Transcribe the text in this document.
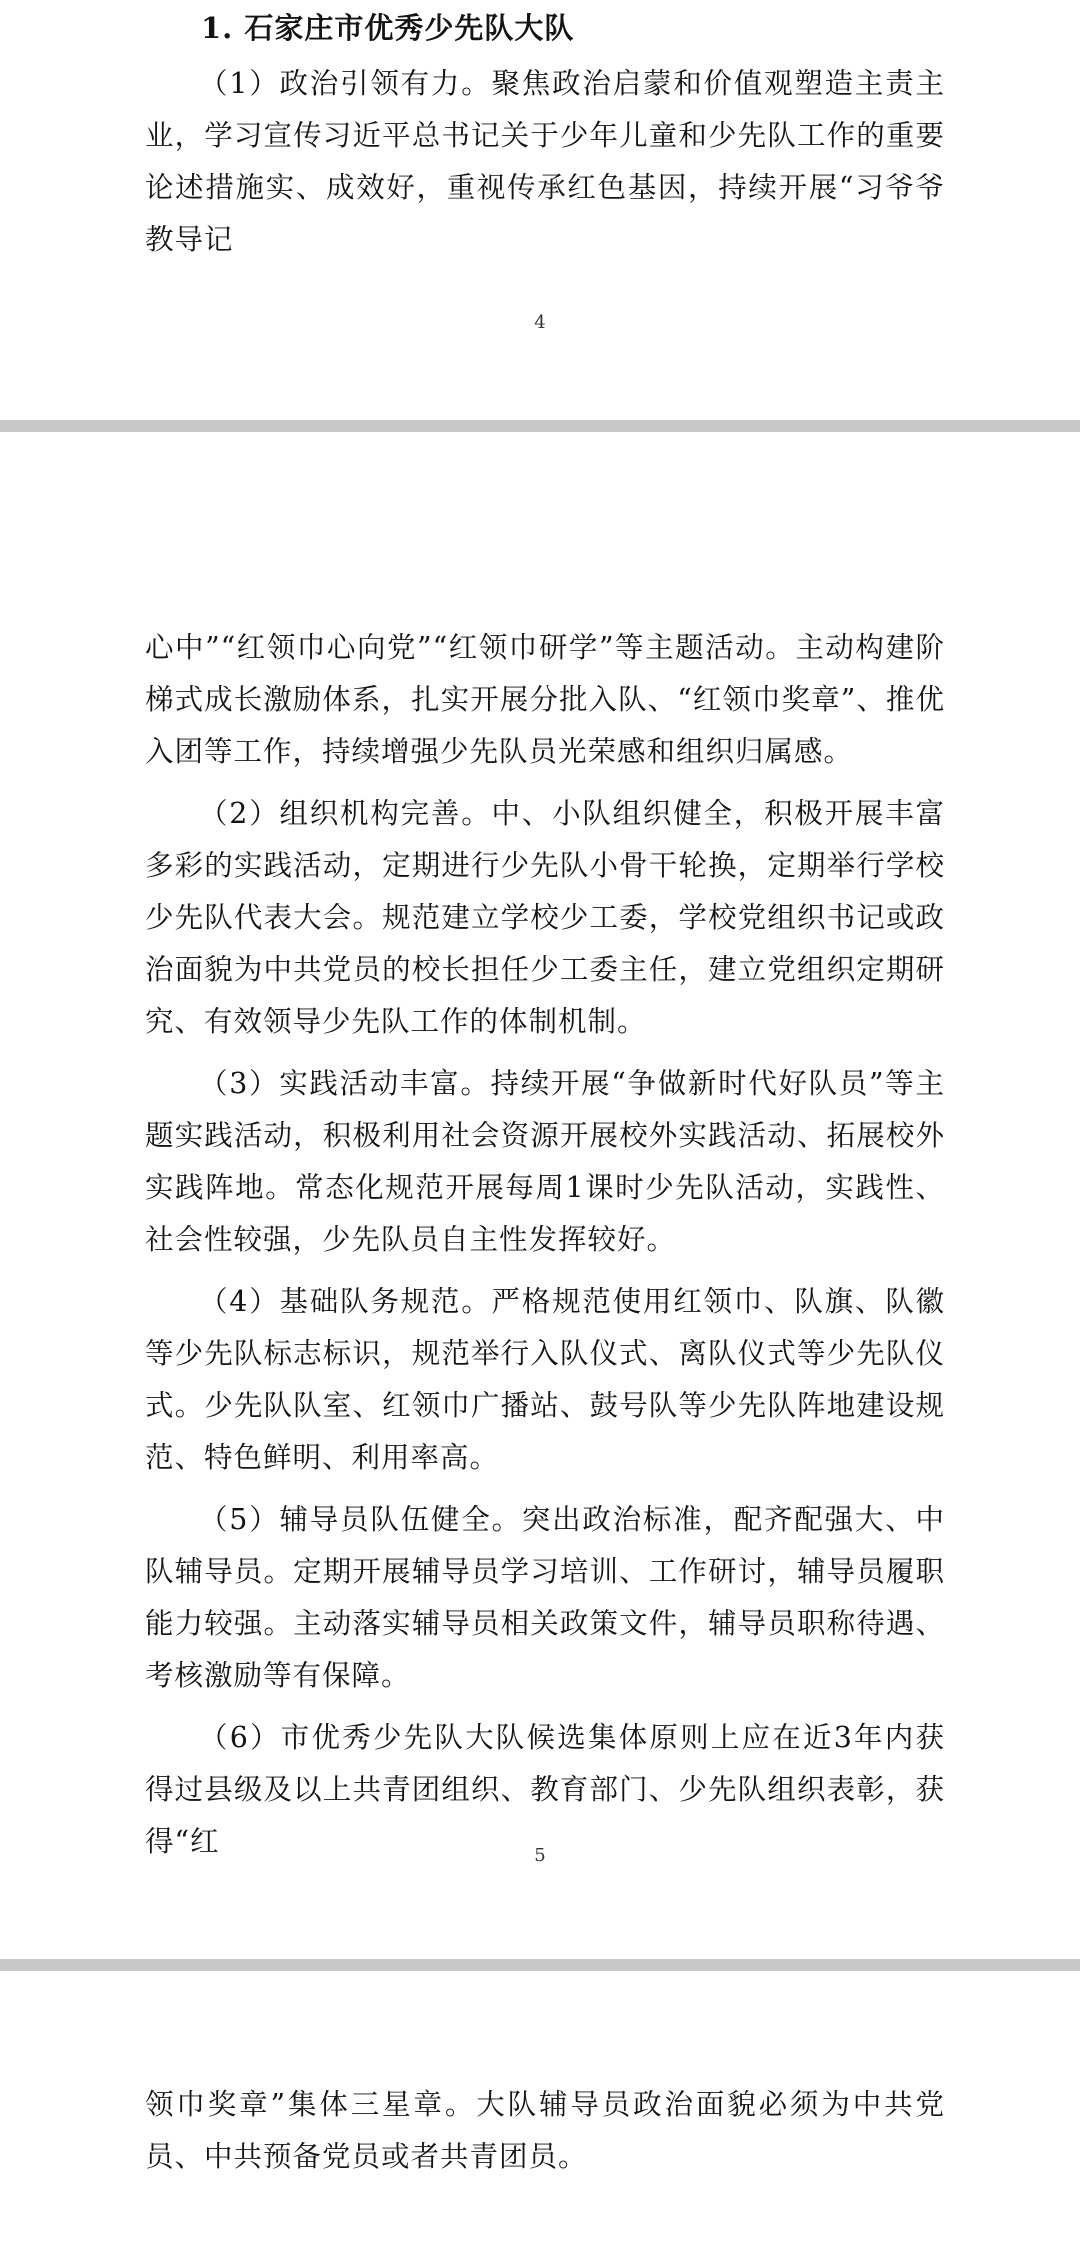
1. 石家庄市优秀少先队大队

（1）政治引领有力。聚焦政治启蒙和价值观塑造主责主业，学习宣传习近平总书记关于少年儿童和少先队工作的重要论述措施实、成效好，重视传承红色基因，持续开展“习爷爷教导记

4

心中”“红领巾心向党”“红领巾研学”等主题活动。主动构建阶梯式成长激励体系，扎实开展分批入队、“红领巾奖章”、推优入团等工作，持续增强少先队员光荣感和组织归属感。

（2）组织机构完善。中、小队组织健全，积极开展丰富多彩的实践活动，定期进行少先队小骨干轮换，定期举行学校少先队代表大会。规范建立学校少工委，学校党组织书记或政治面貌为中共党员的校长担任少工委主任，建立党组织定期研究、有效领导少先队工作的体制机制。

（3）实践活动丰富。持续开展“争做新时代好队员”等主题实践活动，积极利用社会资源开展校外实践活动、拓展校外实践阵地。常态化规范开展每周1课时少先队活动，实践性、社会性较强，少先队员自主性发挥较好。

（4）基础队务规范。严格规范使用红领巾、队旗、队徽等少先队标志标识，规范举行入队仪式、离队仪式等少先队仪式。少先队队室、红领巾广播站、鼓号队等少先队阵地建设规范、特色鲜明、利用率高。

（5）辅导员队伍健全。突出政治标准，配齐配强大、中队辅导员。定期开展辅导员学习培训、工作研讨，辅导员履职能力较强。主动落实辅导员相关政策文件，辅导员职称待遇、考核激励等有保障。

（6）市优秀少先队大队候选集体原则上应在近3年内获得过县级及以上共青团组织、教育部门、少先队组织表彰，获得“红	5

领巾奖章”集体三星章。大队辅导员政治面貌必须为中共党员、中共预备党员或者共青团员。
